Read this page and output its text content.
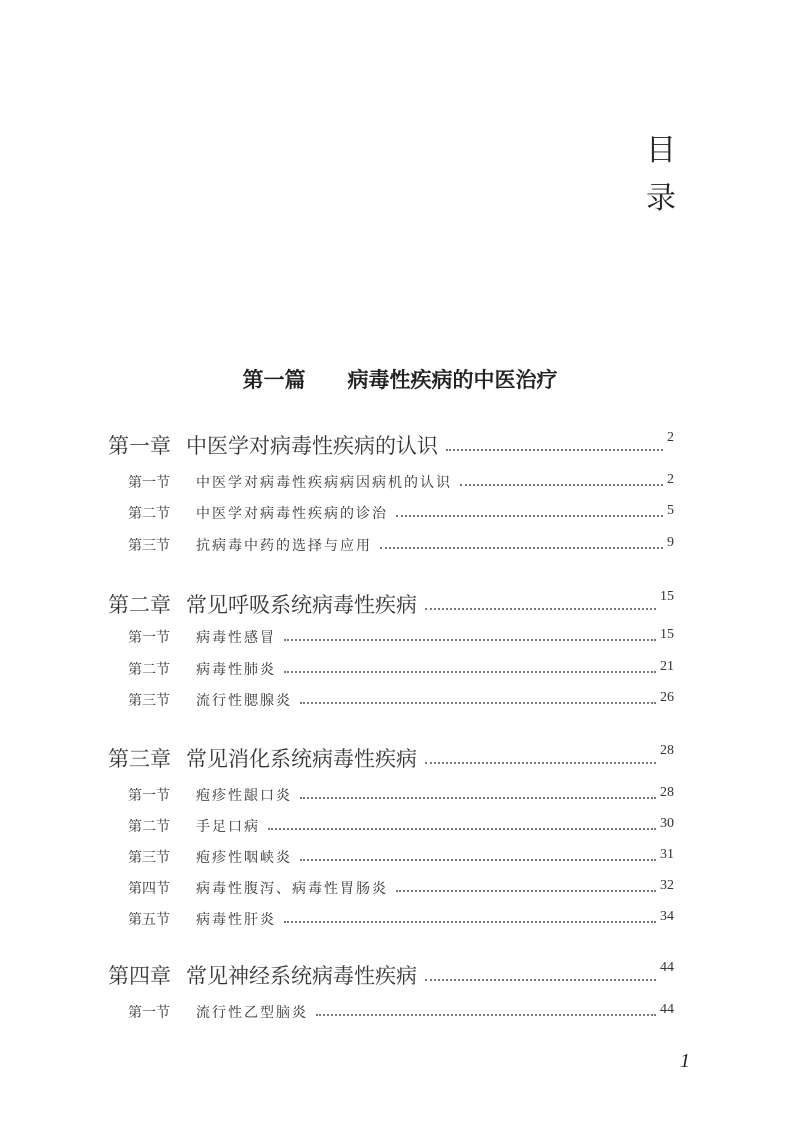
目
录
第一篇　　病毒性疾病的中医治疗
第一章 中医学对病毒性疾病的认识	2
第一节 中医学对病毒性疾病病因病机的认识	2
第二节 中医学对病毒性疾病的诊治	5
第三节 抗病毒中药的选择与应用	9
第二章 常见呼吸系统病毒性疾病	15
第一节 病毒性感冒	15
第二节 病毒性肺炎	21
第三节 流行性腮腺炎	26
第三章 常见消化系统病毒性疾病	28
第一节 疱疹性龈口炎	28
第二节 手足口病	30
第三节 疱疹性咽峡炎	31
第四节 病毒性腹泻、病毒性胃肠炎	32
第五节 病毒性肝炎	34
第四章 常见神经系统病毒性疾病	44
第一节 流行性乙型脑炎	44
1
